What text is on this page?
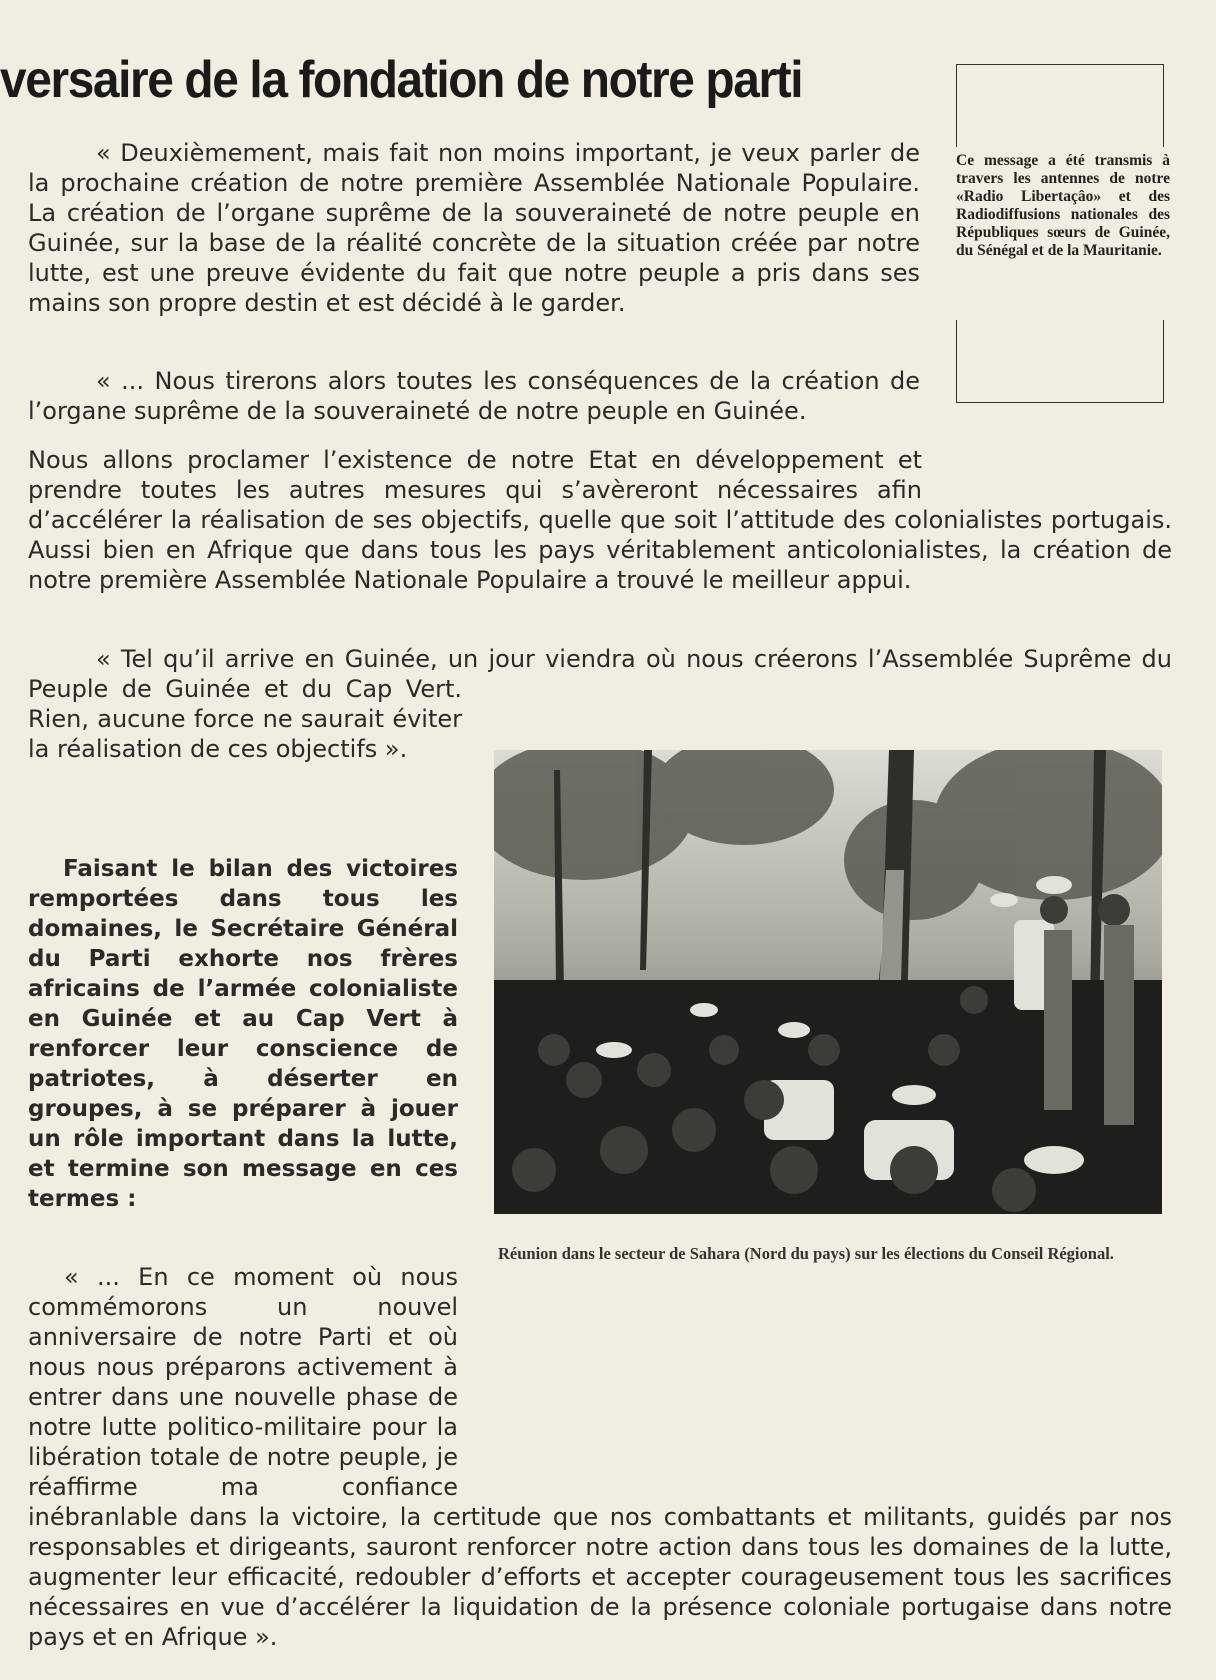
versaire de la fondation de notre parti

Ce message a été transmis à travers les antennes de notre «Radio Libertaçâo» et des Radiodiffusions nationales des Républiques sœurs de Guinée, du Sénégal et de la Mauritanie.

« Deuxièmement, mais fait non moins important, je veux parler de la prochaine création de notre première Assemblée Nationale Populaire. La création de l’organe suprême de la souveraineté de notre peuple en Guinée, sur la base de la réalité concrète de la situation créée par notre lutte, est une preuve évidente du fait que notre peuple a pris dans ses mains son propre destin et est décidé à le garder.

« ... Nous tirerons alors toutes les conséquences de la création de l’organe suprême de la souveraineté de notre peuple en Guinée.

Nous allons proclamer l’existence de notre Etat en développement et prendre toutes les autres mesures qui s’avèreront nécessaires afin d’accélérer la réalisation de ses objectifs, quelle que soit l’attitude des colonialistes portugais. Aussi bien en Afrique que dans tous les pays véritablement anticolonialistes, la création de notre première Assemblée Nationale Populaire a trouvé le meilleur appui.

« Tel qu’il arrive en Guinée, un jour viendra où nous créerons l’Assemblée Suprême du Peuple de Guinée et du Cap Vert. Rien, aucune force ne saurait éviter la réalisation de ces objectifs ».

Faisant le bilan des victoires remportées dans tous les domaines, le Secrétaire Général du Parti exhorte nos frères africains de l’armée colonialiste en Guinée et au Cap Vert à renforcer leur conscience de patriotes, à déserter en groupes, à se préparer à jouer un rôle important dans la lutte, et termine son message en ces termes :

« ... En ce moment où nous commémorons un nouvel anniversaire de notre Parti et où nous nous préparons activement à entrer dans une nouvelle phase de notre lutte politico-militaire pour la libération totale de notre peuple, je réaffirme ma confiance inébranlable dans la victoire, la certitude que nos combattants et militants, guidés par nos responsables et dirigeants, sauront renforcer notre action dans tous les domaines de la lutte, augmenter leur efficacité, redoubler d’efforts et accepter courageusement tous les sacrifices nécessaires en vue d’accélérer la liquidation de la présence coloniale portugaise dans notre pays et en Afrique ».

Réunion dans le secteur de Sahara (Nord du pays) sur les élections du Conseil Régional.
